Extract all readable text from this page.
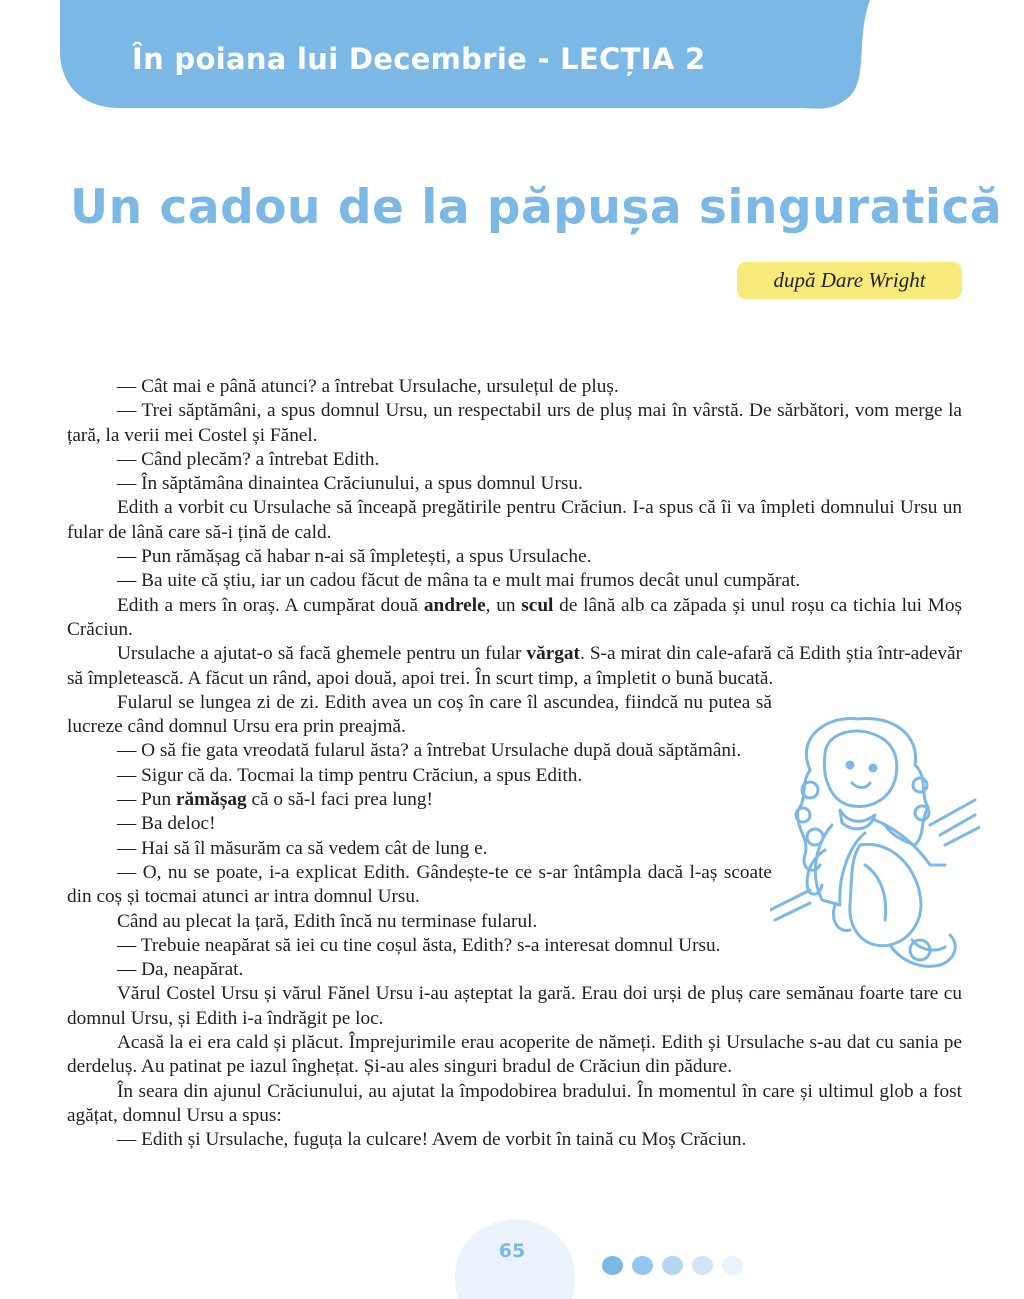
În poiana lui Decembrie - LECȚIA 2
Un cadou de la păpușa singuratică
după Dare Wright

— Cât mai e până atunci? a întrebat Ursulache, ursulețul de pluș.

— Trei săptămâni, a spus domnul Ursu, un respectabil urs de pluș mai în vârstă. De sărbători, vom merge la țară, la verii mei Costel și Fănel.

— Când plecăm? a întrebat Edith.

— În săptămâna dinaintea Crăciunului, a spus domnul Ursu.

Edith a vorbit cu Ursulache să înceapă pregătirile pentru Crăciun. I-a spus că îi va împleti domnului Ursu un fular de lână care să-i țină de cald.

— Pun rămășag că habar n-ai să împletești, a spus Ursulache.

— Ba uite că știu, iar un cadou făcut de mâna ta e mult mai frumos decât unul cumpărat.

Edith a mers în oraș. A cumpărat două andrele, un scul de lână alb ca zăpada și unul roșu ca tichia lui Moș Crăciun.

Ursulache a ajutat-o să facă ghemele pentru un fular vărgat. S-a mirat din cale-afară că Edith știa într-adevăr să împletească. A făcut un rând, apoi două, apoi trei. În scurt timp, a împletit o bună bucată.

Fularul se lungea zi de zi. Edith avea un coș în care îl ascundea, fiindcă nu putea să lucreze când domnul Ursu era prin preajmă.

— O să fie gata vreodată fularul ăsta? a întrebat Ursulache după două săptămâni.

— Sigur că da. Tocmai la timp pentru Crăciun, a spus Edith.

— Pun rămășag că o să-l faci prea lung!

— Ba deloc!

— Hai să îl măsurăm ca să vedem cât de lung e.

— O, nu se poate, i-a explicat Edith. Gândește-te ce s-ar întâmpla dacă l-aș scoate din coș și tocmai atunci ar intra domnul Ursu.

Când au plecat la țară, Edith încă nu terminase fularul.

— Trebuie neapărat să iei cu tine coșul ăsta, Edith? s-a interesat domnul Ursu.

— Da, neapărat.

Vărul Costel Ursu și vărul Fănel Ursu i-au așteptat la gară. Erau doi urși de pluș care semănau foarte tare cu domnul Ursu, și Edith i-a îndrăgit pe loc.

Acasă la ei era cald și plăcut. Împrejurimile erau acoperite de nămeți. Edith și Ursulache s-au dat cu sania pe derdeluș. Au patinat pe iazul înghețat. Și-au ales singuri bradul de Crăciun din pădure.

În seara din ajunul Crăciunului, au ajutat la împodobirea bradului. În momentul în care și ultimul glob a fost agățat, domnul Ursu a spus:

— Edith și Ursulache, fuguța la culcare! Avem de vorbit în taină cu Moș Crăciun.

65
